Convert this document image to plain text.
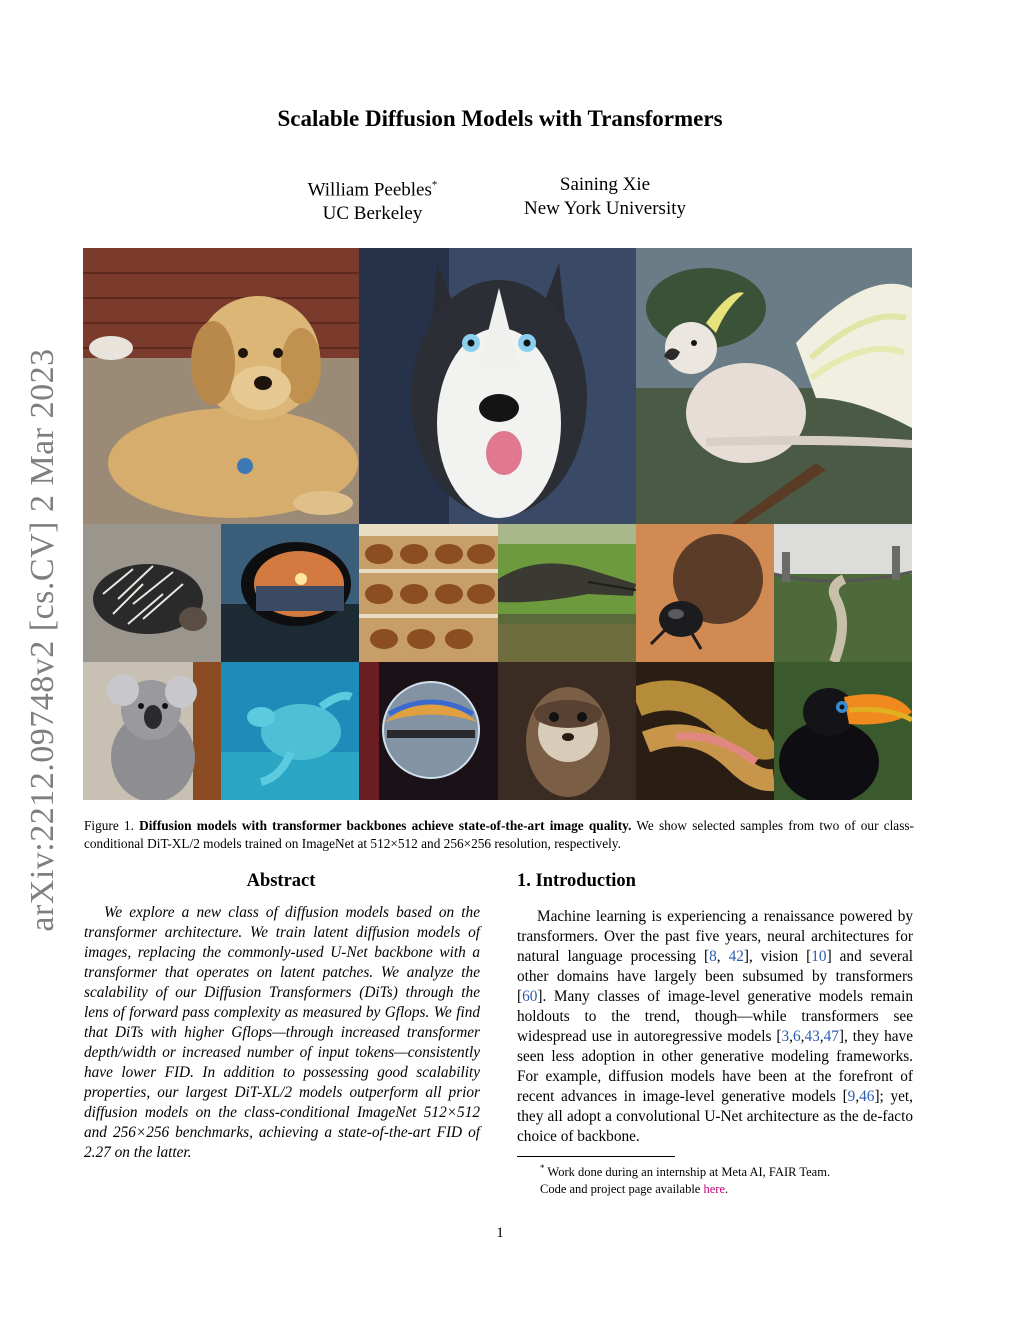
arXiv:2212.09748v2 [cs.CV] 2 Mar 2023
Scalable Diffusion Models with Transformers
William Peebles*
UC Berkeley
Saining Xie
New York University
Figure 1. Diffusion models with transformer backbones achieve state-of-the-art image quality. We show selected samples from two of our class-conditional DiT-XL/2 models trained on ImageNet at 512×512 and 256×256 resolution, respectively.
Abstract
We explore a new class of diffusion models based on the transformer architecture. We train latent diffusion models of images, replacing the commonly-used U-Net backbone with a transformer that operates on latent patches. We analyze the scalability of our Diffusion Transformers (DiTs) through the lens of forward pass complexity as measured by Gflops. We find that DiTs with higher Gflops—through increased transformer depth/width or increased number of input tokens—consistently have lower FID. In addition to possessing good scalability properties, our largest DiT-XL/2 models outperform all prior diffusion models on the class-conditional ImageNet 512×512 and 256×256 benchmarks, achieving a state-of-the-art FID of 2.27 on the latter.
1. Introduction
Machine learning is experiencing a renaissance powered by transformers. Over the past five years, neural architectures for natural language processing [8, 42], vision [10] and several other domains have largely been subsumed by transformers [60]. Many classes of image-level generative models remain holdouts to the trend, though—while transformers see widespread use in autoregressive models [3,6,43,47], they have seen less adoption in other generative modeling frameworks. For example, diffusion models have been at the forefront of recent advances in image-level generative models [9,46]; yet, they all adopt a convolutional U-Net architecture as the de-facto choice of backbone.
* Work done during an internship at Meta AI, FAIR Team.
Code and project page available here.
1
